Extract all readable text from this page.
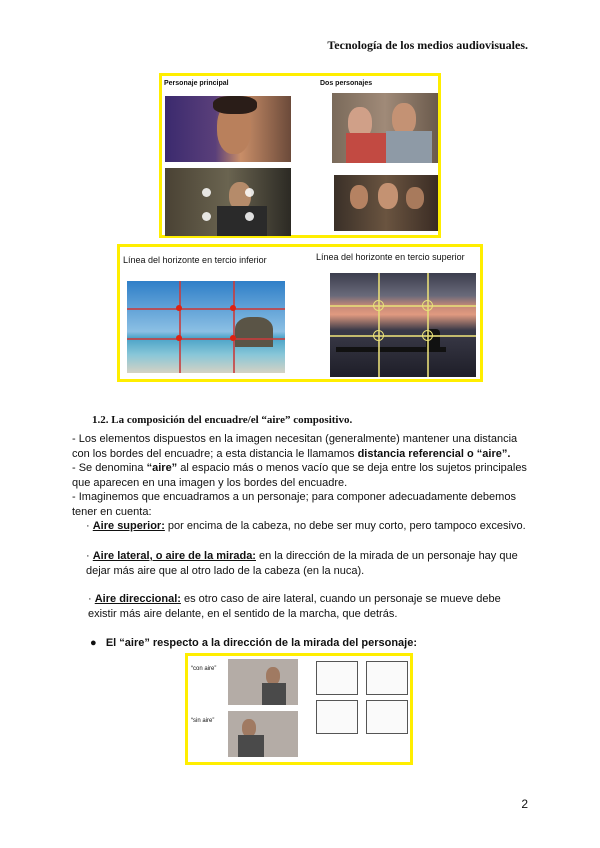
Tecnología de los medios audiovisuales.
Personaje principal	Dos personajes
Línea del horizonte en tercio inferior	Línea del horizonte en tercio superior
1.2. La composición del encuadre/el “aire” compositivo.
- Los elementos dispuestos en la imagen necesitan (generalmente) mantener una distancia con los bordes del encuadre; a esta distancia le llamamos distancia referencial o “aire”.
- Se denomina “aire” al espacio más o menos vacío que se deja entre los sujetos principales que aparecen en una imagen y los bordes del encuadre.
- Imaginemos que encuadramos a un personaje; para componer adecuadamente debemos tener en cuenta:
· Aire superior: por encima de la cabeza, no debe ser muy corto, pero tampoco excesivo.
· Aire lateral, o aire de la mirada: en la dirección de la mirada de un personaje hay que dejar más aire que al otro lado de la cabeza (en la nuca).
· Aire direccional: es otro caso de aire lateral, cuando un personaje se mueve debe existir más aire delante, en el sentido de la marcha, que detrás.
● El “aire” respecto a la dirección de la mirada del personaje:
“con aire”
“sin aire”
2
